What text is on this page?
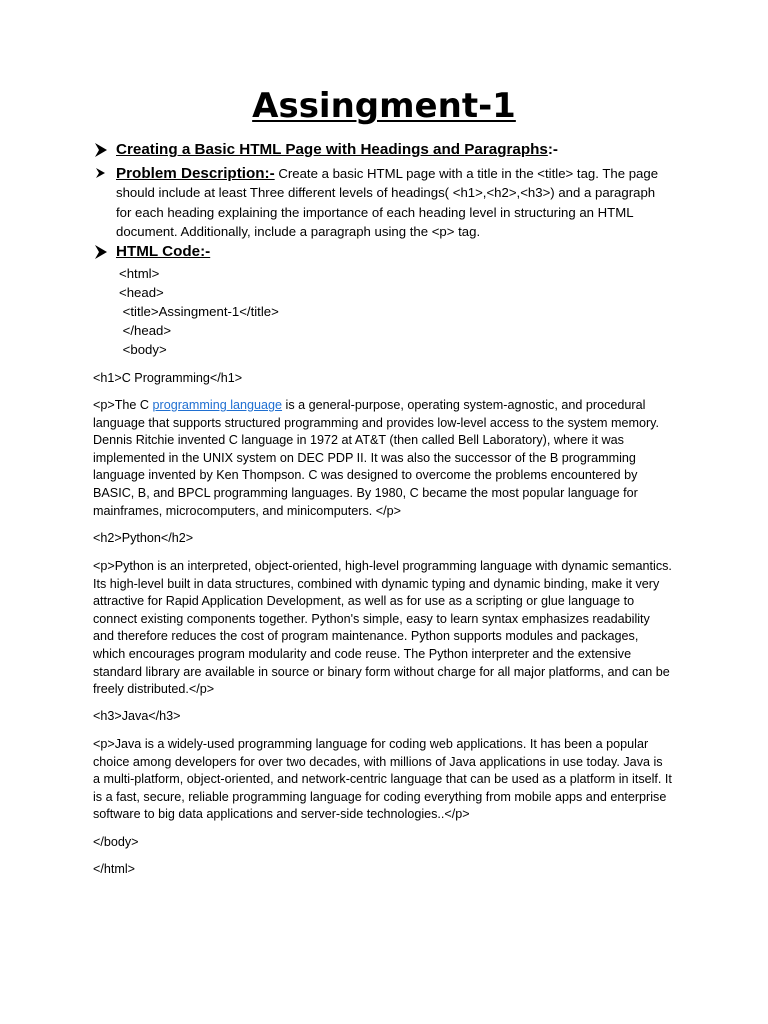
Assingment-1
Creating a Basic HTML Page with Headings and Paragraphs:-
Problem Description:- Create a basic HTML page with a title in the <title> tag. The page should include at least Three different levels of headings( <h1>,<h2>,<h3>) and a paragraph for each heading explaining the importance of each heading level in structuring an HTML document. Additionally, include a paragraph using the <p> tag.
HTML Code:-
<html>
<head>
<title>Assingment-1</title>
</head>
<body>
<h1>C Programming</h1>
<p>The C programming language is a general-purpose, operating system-agnostic, and procedural language that supports structured programming and provides low-level access to the system memory. Dennis Ritchie invented C language in 1972 at AT&T (then called Bell Laboratory), where it was implemented in the UNIX system on DEC PDP II. It was also the successor of the B programming language invented by Ken Thompson. C was designed to overcome the problems encountered by BASIC, B, and BPCL programming languages. By 1980, C became the most popular language for mainframes, microcomputers, and minicomputers. </p>
<h2>Python</h2>
<p>Python is an interpreted, object-oriented, high-level programming language with dynamic semantics. Its high-level built in data structures, combined with dynamic typing and dynamic binding, make it very attractive for Rapid Application Development, as well as for use as a scripting or glue language to connect existing components together. Python's simple, easy to learn syntax emphasizes readability and therefore reduces the cost of program maintenance. Python supports modules and packages, which encourages program modularity and code reuse. The Python interpreter and the extensive standard library are available in source or binary form without charge for all major platforms, and can be freely distributed.</p>
<h3>Java</h3>
<p>Java is a widely-used programming language for coding web applications. It has been a popular choice among developers for over two decades, with millions of Java applications in use today. Java is a multi-platform, object-oriented, and network-centric language that can be used as a platform in itself. It is a fast, secure, reliable programming language for coding everything from mobile apps and enterprise software to big data applications and server-side technologies..</p>
</body>
</html>
